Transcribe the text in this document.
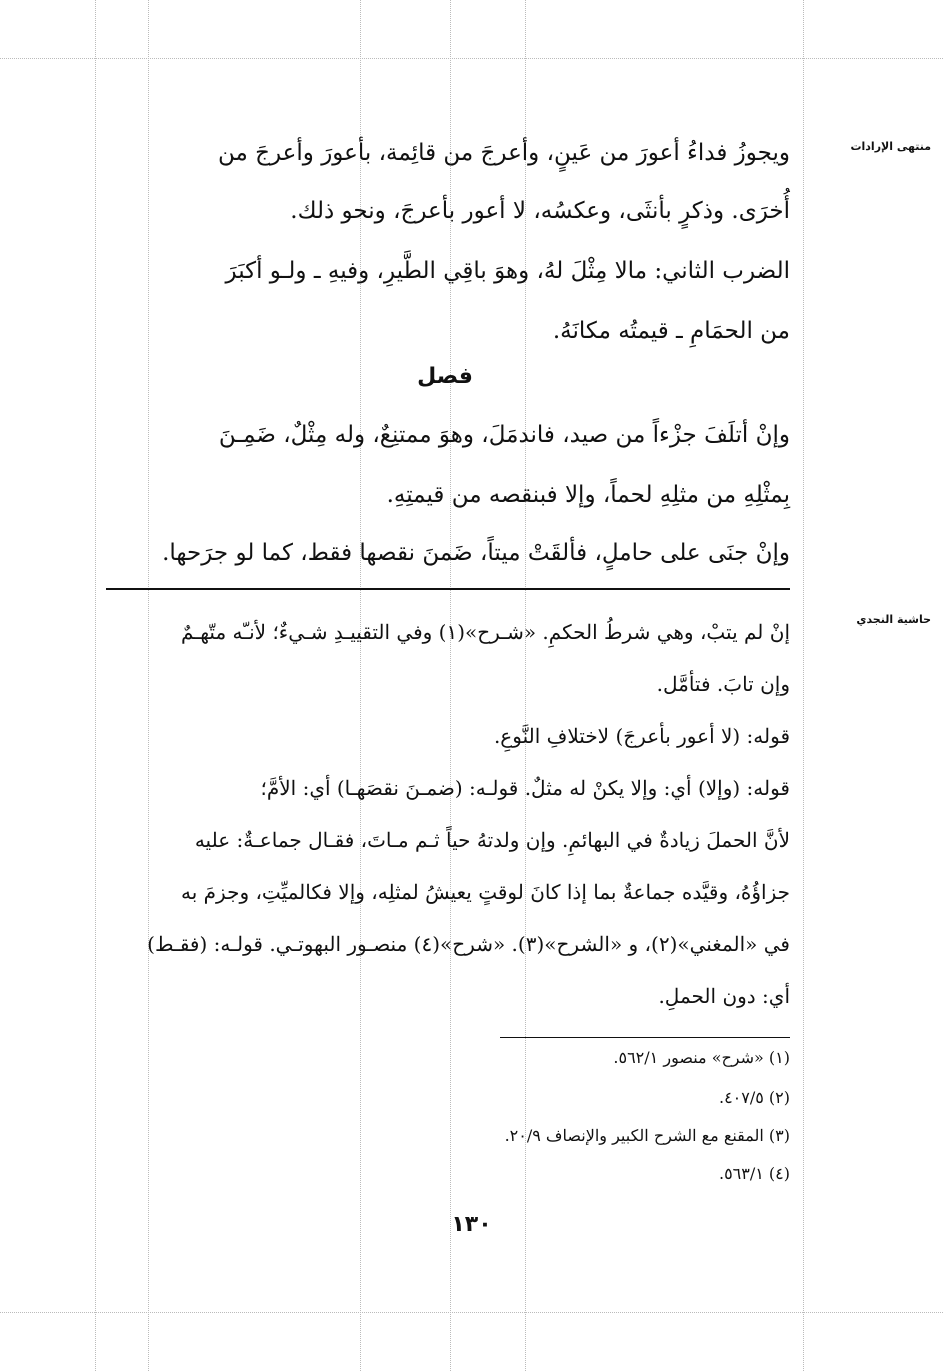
منتهى الإرادات
حاشية النجدي
ويجوزُ فداءُ أعورَ من عَينٍ، وأعرجَ من قائِمة، بأعورَ وأعرجَ من
أُخرَى. وذكرٍ بأنثَى، وعكسُه، لا أعور بأعرجَ، ونحو ذلك.
الضرب الثاني: مالا مِثْلَ لهُ، وهوَ باقِي الطَّيرِ، وفيهِ ـ ولـو أكبَرَ
من الحمَامِ ـ قيمتُه مكانَهُ.
فصل
وإنْ أتلَفَ جزْءاً من صيد، فاندمَلَ، وهوَ ممتنِعٌ، وله مِثْلٌ، ضَمِـنَ
بِمثْلِهِ من مثلِهِ لحماً، وإلا فبنقصه من قيمتِهِ.
وإنْ جنَى على حاملٍ، فألقَتْ ميتاً، ضَمنَ نقصها فقط، كما لو جرَحها.
إنْ لم يتبْ، وهي شرطُ الحكمِ. «شـرح»(١) وفي التقييـدِ شـيءٌ؛ لأنـّه متّهـمٌ
وإن تابَ. فتأمَّل.
قوله: (لا أعور بأعرجَ) لاختلافِ النَّوعِ.
قوله: (وإلا) أي: وإلا يكنْ له مثلٌ. قولـه: (ضمـنَ نقصَهـا) أي: الأمَّ؛
لأنَّ الحملَ زيادةٌ في البهائمِ. وإن ولدتهُ حياً ثـم مـاتَ، فقـال جماعـةٌ: عليه
جزاؤُهُ، وقيَّده جماعةٌ بما إذا كانَ لوقتٍ يعيشُ لمثلِه، وإلا فكالميِّتِ، وجزمَ به
في «المغني»(٢)، و «الشرح»(٣). «شرح»(٤) منصـور البهوتـي. قولـه: (فقـط)
أي: دون الحملِ.
(١) «شرح» منصور ٥٦٢/١.
(٢) ٤٠٧/٥.
(٣) المقنع مع الشرح الكبير والإنصاف ٢٠/٩.
(٤) ٥٦٣/١.
١٣٠
